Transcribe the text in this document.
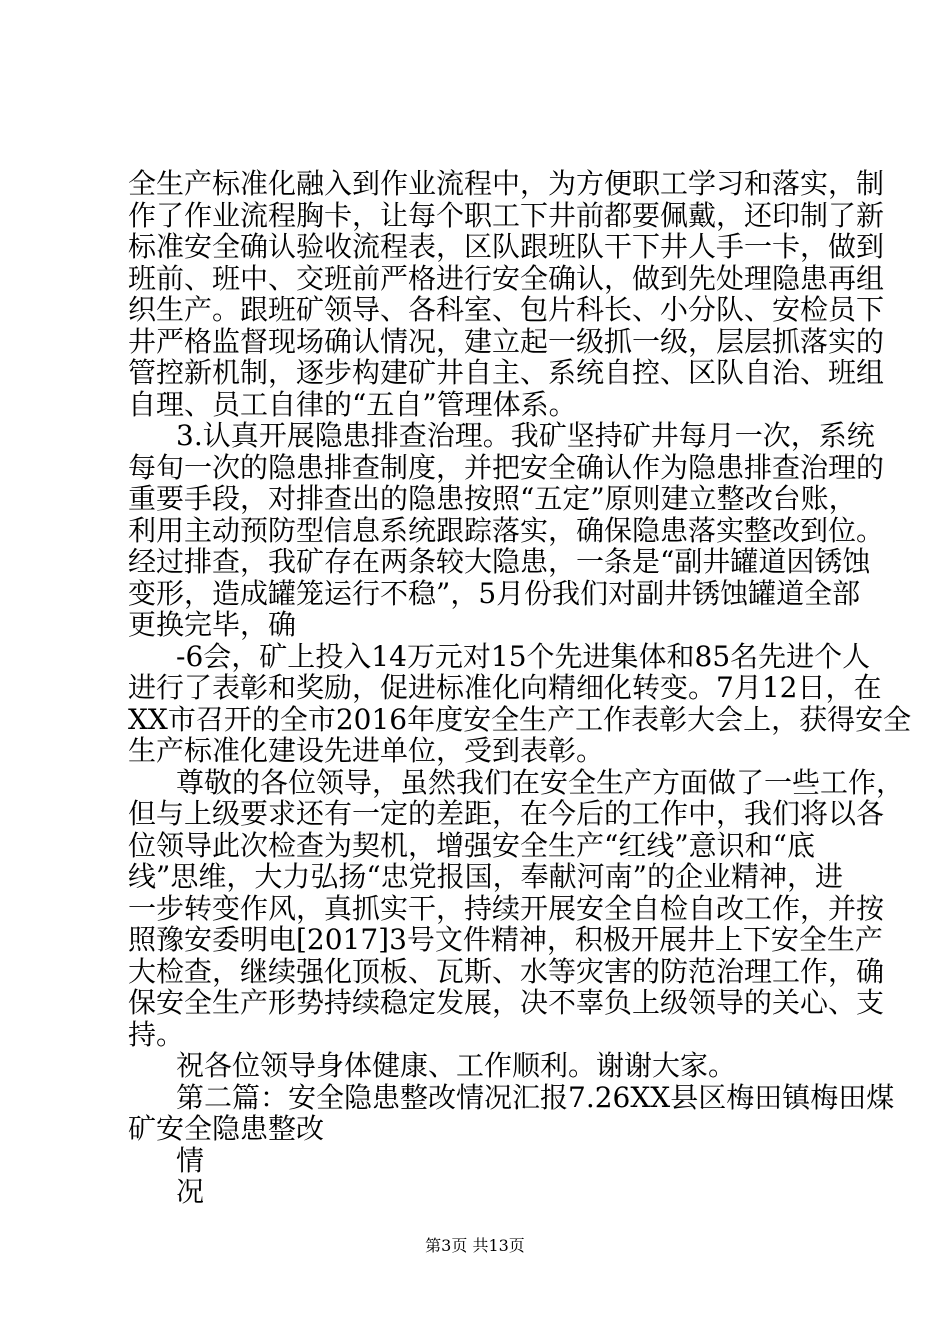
全生产标准化融入到作业流程中，为方便职工学习和落实，制
作了作业流程胸卡，让每个职工下井前都要佩戴，还印制了新
标准安全确认验收流程表，区队跟班队干下井人手一卡，做到
班前、班中、交班前严格进行安全确认，做到先处理隐患再组
织生产。跟班矿领导、各科室、包片科长、小分队、安检员下
井严格监督现场确认情况，建立起一级抓一级，层层抓落实的
管控新机制，逐步构建矿井自主、系统自控、区队自治、班组
自理、员工自律的“五自”管理体系。
3.认真开展隐患排查治理。我矿坚持矿井每月一次，系统
每旬一次的隐患排查制度，并把安全确认作为隐患排查治理的
重要手段，对排查出的隐患按照“五定”原则建立整改台账，
利用主动预防型信息系统跟踪落实，确保隐患落实整改到位。
经过排查，我矿存在两条较大隐患，一条是“副井罐道因锈蚀
变形，造成罐笼运行不稳”，5月份我们对副井锈蚀罐道全部
更换完毕，确
-6会，矿上投入14万元对15个先进集体和85名先进个人
进行了表彰和奖励，促进标准化向精细化转变。7月12日，在
XX市召开的全市2016年度安全生产工作表彰大会上，获得安全
生产标准化建设先进单位，受到表彰。
尊敬的各位领导，虽然我们在安全生产方面做了一些工作，
但与上级要求还有一定的差距，在今后的工作中，我们将以各
位领导此次检查为契机，增强安全生产“红线”意识和“底
线”思维，大力弘扬“忠党报国，奉献河南”的企业精神，进
一步转变作风，真抓实干，持续开展安全自检自改工作，并按
照豫安委明电[2017]3号文件精神，积极开展井上下安全生产
大检查，继续强化顶板、瓦斯、水等灾害的防范治理工作，确
保安全生产形势持续稳定发展，决不辜负上级领导的关心、支
持。
祝各位领导身体健康、工作顺利。谢谢大家。
第二篇：安全隐患整改情况汇报7.26XX县区梅田镇梅田煤
矿安全隐患整改
情
况
第3页 共13页
